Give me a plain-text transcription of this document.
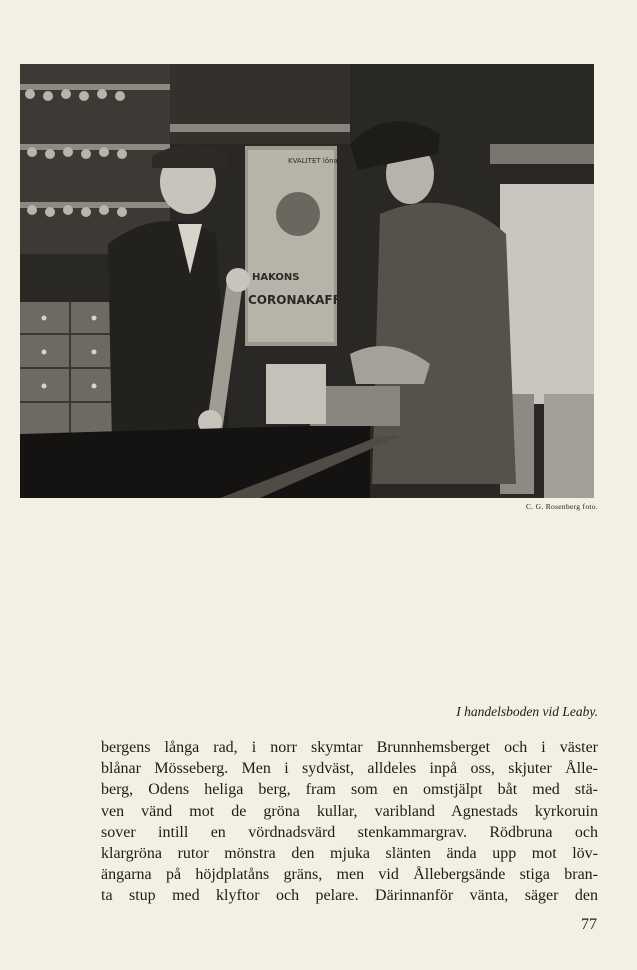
KVALITET lönar sig
HAKONS
CORONAKAFFE
C. G. Rosenberg foto.
I handelsboden vid Leaby.
bergens långa rad, i norr skymtar Brunnhemsberget och i väster
blånar Mösseberg. Men i sydväst, alldeles inpå oss, skjuter Ålle-
berg, Odens heliga berg, fram som en omstjälpt båt med stä-
ven vänd mot de gröna kullar, varibland Agnestads kyrkoruin
sover intill en vördnadsvärd stenkammargrav. Rödbruna och
klargröna rutor mönstra den mjuka slänten ända upp mot löv-
ängarna på höjdplatåns gräns, men vid Ållebergsände stiga bran-
ta stup med klyftor och pelare. Därinnanför vänta, säger den
77
